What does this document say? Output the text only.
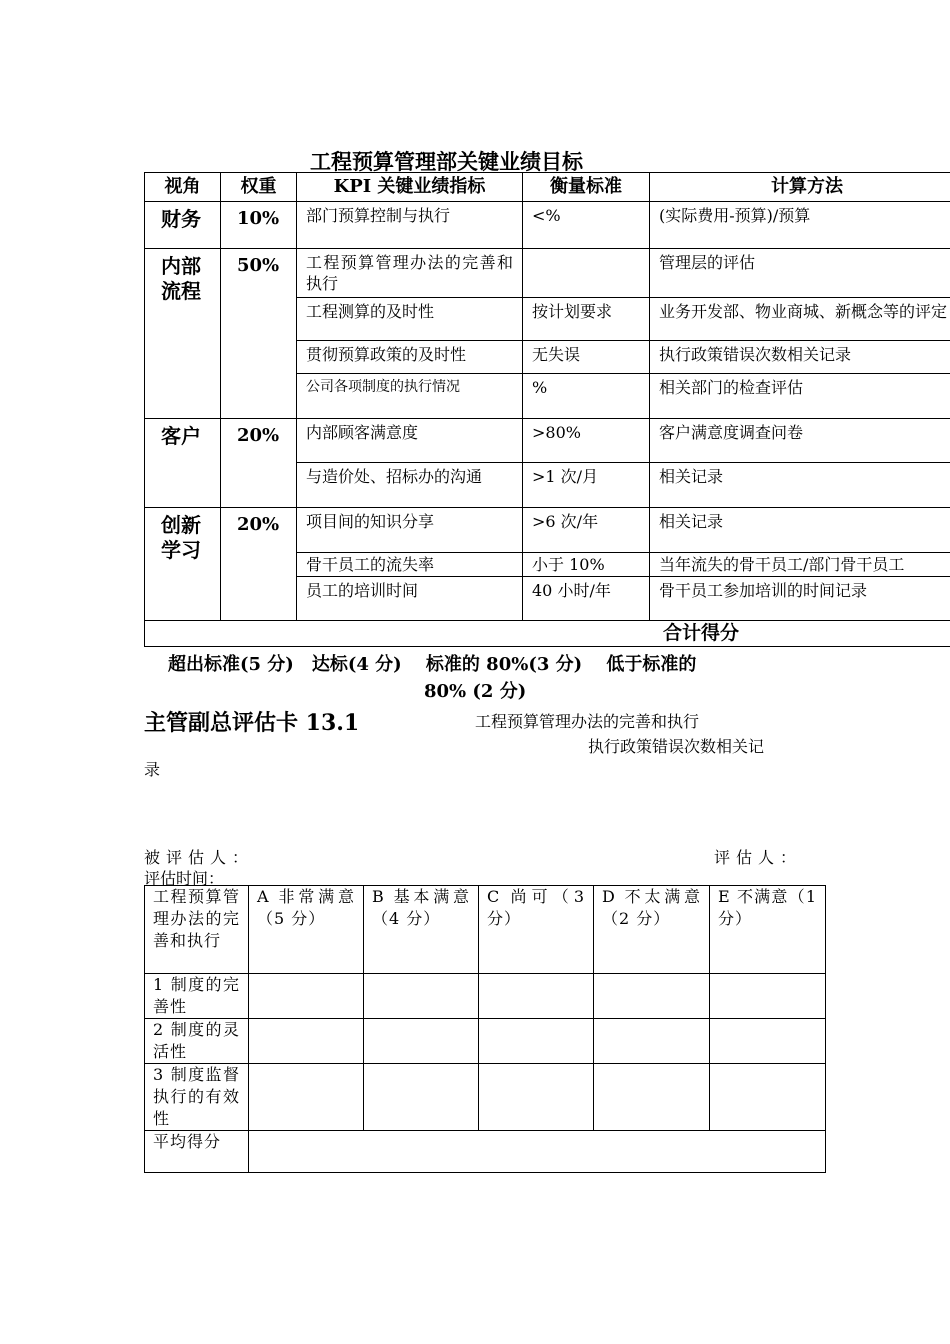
工程预算管理部关键业绩目标
视角	权重	KPI 关键业绩指标	衡量标准	计算方法
财务	10%	部门预算控制与执行	<%	(实际费用-预算)/预算
内部流程	50%	工程预算管理办法的完善和执行		管理层的评估
		工程测算的及时性	按计划要求	业务开发部、物业商城、新概念等的评定
		贯彻预算政策的及时性	无失误	执行政策错误次数相关记录
		公司各项制度的执行情况	%	相关部门的检查评估
客户	20%	内部顾客满意度	>80%	客户满意度调查问卷
		与造价处、招标办的沟通	>1 次/月	相关记录
创新学习	20%	项目间的知识分享	>6 次/年	相关记录
		骨干员工的流失率	小于 10%	当年流失的骨干员工/部门骨干员工
		员工的培训时间	40 小时/年	骨干员工参加培训的时间记录
合计得分				
超出标准(5 分)　达标(4 分)　 标准的 80%(3 分)　 低于标准的
80% (2 分)
主管副总评估卡 13.1	工程预算管理办法的完善和执行
执行政策错误次数相关记
录
被评估人：	评估人：
评估时间：
工程预算管理办法的完善和执行	A 非常满意（5 分）	B 基本满意（4 分）	C 尚可（3 分）	D 不太满意（2 分）	E 不满意（1 分）
1 制度的完善性					
2 制度的灵活性					
3 制度监督执行的有效性					
平均得分					
